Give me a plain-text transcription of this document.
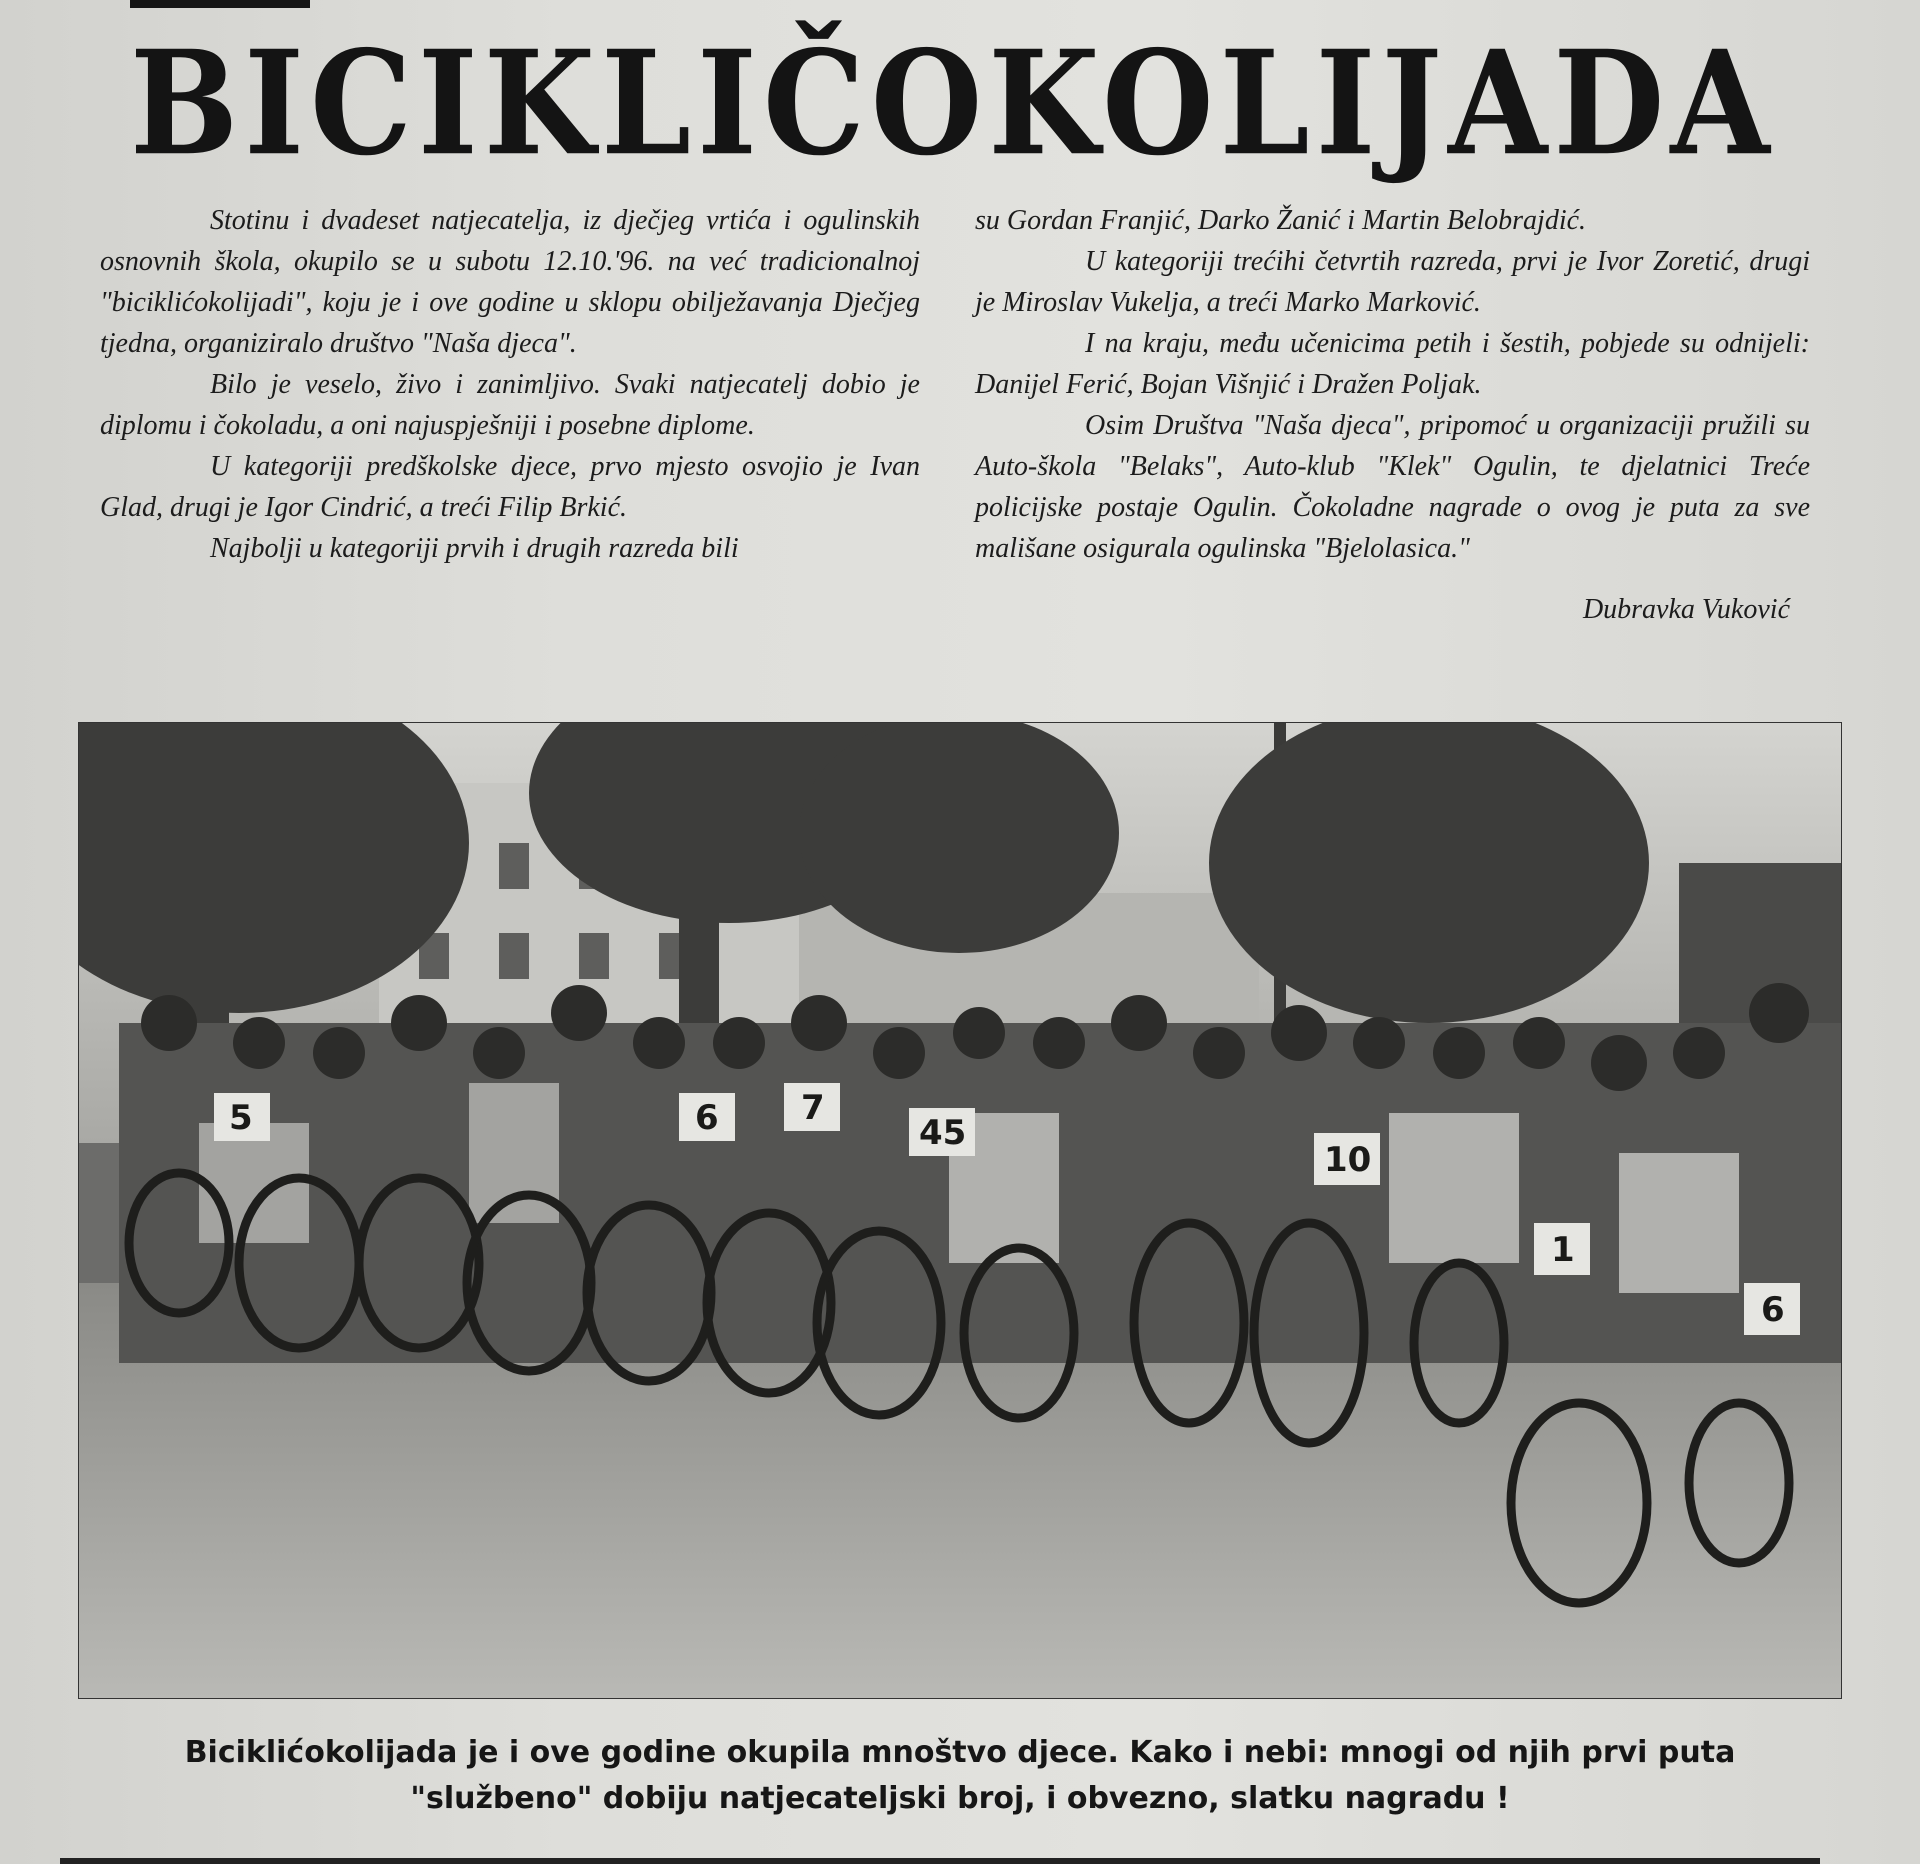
BICIKLIČOKOLIJADA

Stotinu i dvadeset natjecatelja, iz dječjeg vrtića i ogulinskih osnovnih škola, okupilo se u subotu 12.10.'96. na već tradicionalnoj "biciklićokolijadi", koju je i ove godine u sklopu obilježavanja Dječjeg tjedna, organiziralo društvo "Naša djeca".

Bilo je veselo, živo i zanimljivo. Svaki natjecatelj dobio je diplomu i čokoladu, a oni najuspješniji i posebne diplome.

U kategoriji predškolske djece, prvo mjesto osvojio je Ivan Glad, drugi je Igor Cindrić, a treći Filip Brkić.

Najbolji u kategoriji prvih i drugih razreda bili

su Gordan Franjić, Darko Žanić i Martin Belobrajdić.

U kategoriji trećihi četvrtih razreda, prvi je Ivor Zoretić, drugi je Miroslav Vukelja, a treći Marko Marković.

I na kraju, među učenicima petih i šestih, pobjede su odnijeli: Danijel Ferić, Bojan Višnjić i Dražen Poljak.

Osim Društva "Naša djeca", pripomoć u organizaciji pružili su Auto-škola "Belaks", Auto-klub "Klek" Ogulin, te djelatnici Treće policijske postaje Ogulin. Čokoladne nagrade o ovog je puta za sve mališane osigurala ogulinska "Bjelolasica."

Dubravka Vuković

5	6 7
45
10
1
6
Biciklićokolijada je i ove godine okupila mnoštvo djece. Kako i nebi: mnogi od njih prvi puta
"službeno" dobiju natjecateljski broj, i obvezno, slatku nagradu !
